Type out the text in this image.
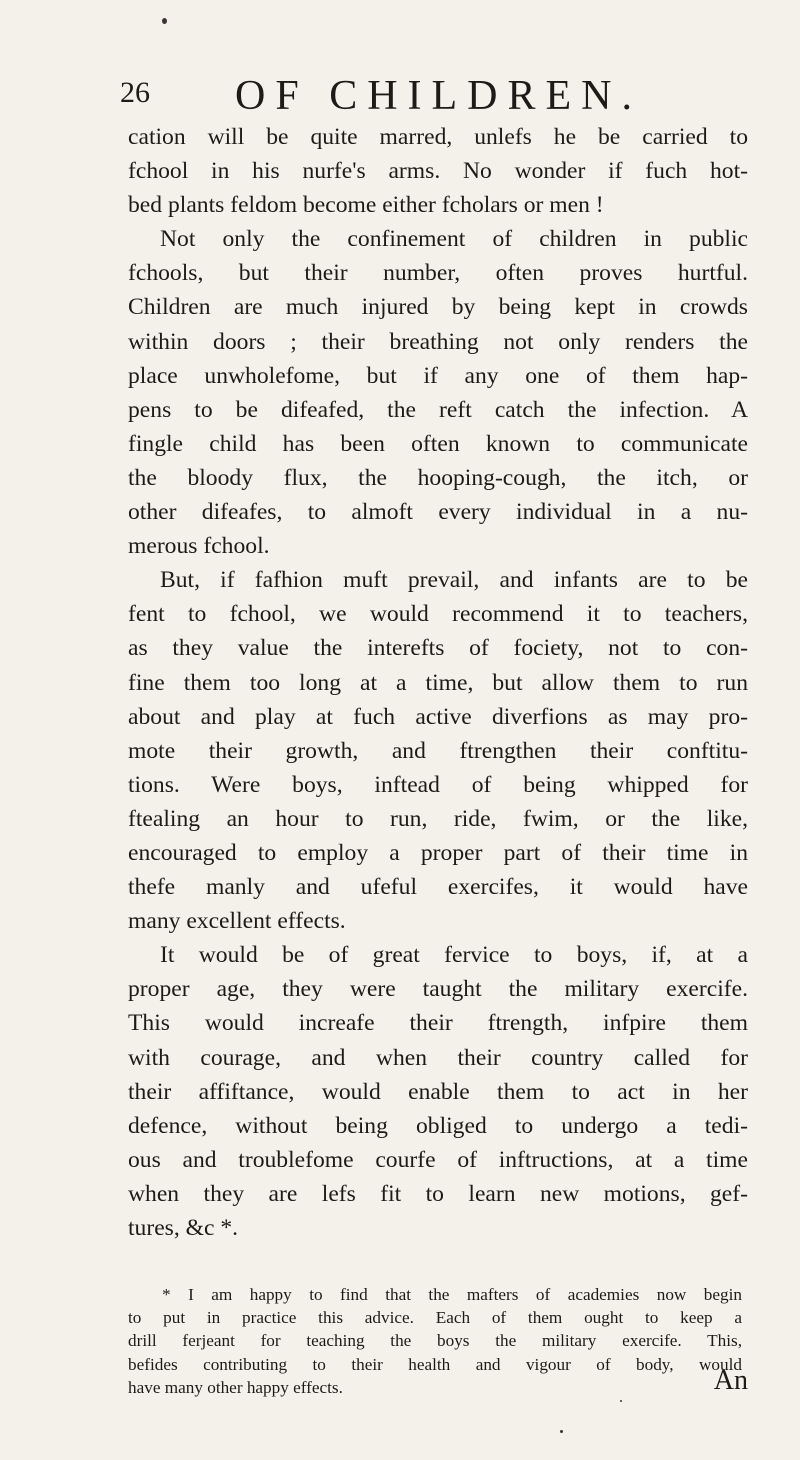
26 OF CHILDREN.
cation will be quite marred, unlefs he be carried to
fchool in his nurfe's arms. No wonder if fuch hot-
bed plants feldom become either fcholars or men !
Not only the confinement of children in public
fchools, but their number, often proves hurtful.
Children are much injured by being kept in crowds
within doors ; their breathing not only renders the
place unwholefome, but if any one of them hap-
pens to be difeafed, the reft catch the infection. A
fingle child has been often known to communicate
the bloody flux, the hooping-cough, the itch, or
other difeafes, to almoft every individual in a nu-
merous fchool.
But, if fafhion muft prevail, and infants are to be
fent to fchool, we would recommend it to teachers,
as they value the interefts of fociety, not to con-
fine them too long at a time, but allow them to run
about and play at fuch active diverfions as may pro-
mote their growth, and ftrengthen their conftitu-
tions. Were boys, inftead of being whipped for
ftealing an hour to run, ride, fwim, or the like,
encouraged to employ a proper part of their time in
thefe manly and ufeful exercifes, it would have
many excellent effects.
It would be of great fervice to boys, if, at a
proper age, they were taught the military exercife.
This would increafe their ftrength, infpire them
with courage, and when their country called for
their affiftance, would enable them to act in her
defence, without being obliged to undergo a tedi-
ous and troublefome courfe of inftructions, at a time
when they are lefs fit to learn new motions, gef-
tures, &c *.
* I am happy to find that the mafters of academies now begin
to put in practice this advice. Each of them ought to keep a
drill ferjeant for teaching the boys the military exercife. This,
befides contributing to their health and vigour of body, would
have many other happy effects.	An
